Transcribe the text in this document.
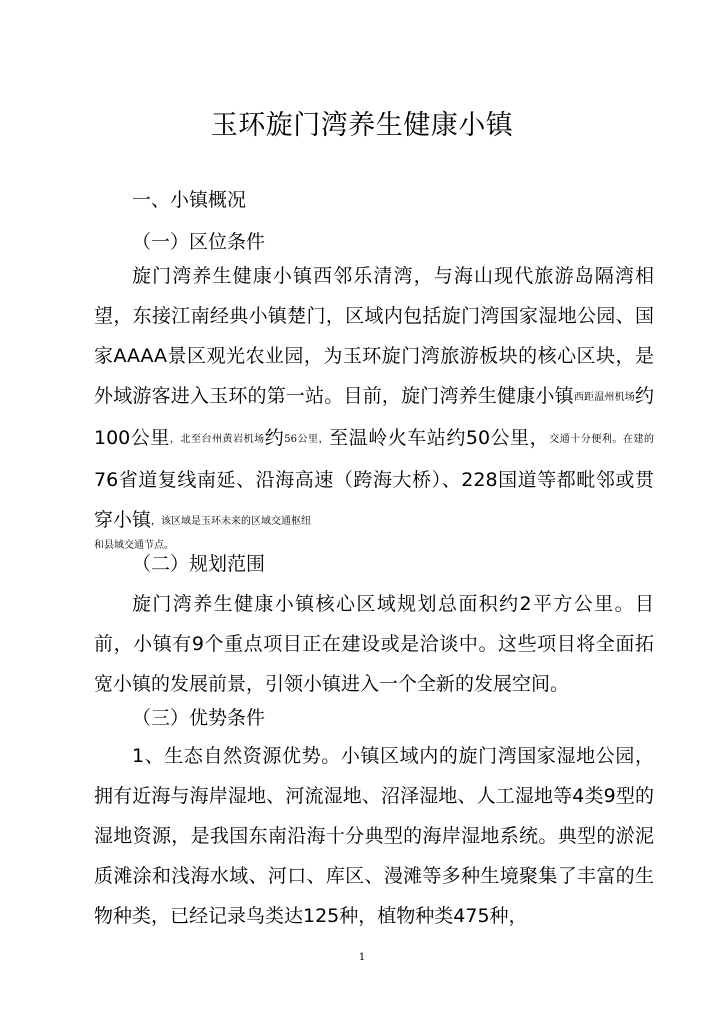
玉环旋门湾养生健康小镇
一、小镇概况
（一）区位条件
旋门湾养生健康小镇西邻乐清湾，与海山现代旅游岛隔湾相望，东接江南经典小镇楚门，区域内包括旋门湾国家湿地公园、国家AAAA景区观光农业园，为玉环旋门湾旅游板块的核心区块，是外域游客进入玉环的第一站。目前，旋门湾养生健康小镇西距温州机场约100公里，北至台州黄岩机场约56公里，至温岭火车站约50公里，交通十分便利。在建的76省道复线南延、沿海高速（跨海大桥）、228国道等都毗邻或贯穿小镇，该区域是玉环未来的区域交通枢纽
和县域交通节点。
（二）规划范围
旋门湾养生健康小镇核心区域规划总面积约2平方公里。目前，小镇有9个重点项目正在建设或是洽谈中。这些项目将全面拓宽小镇的发展前景，引领小镇进入一个全新的发展空间。
（三）优势条件
1、生态自然资源优势。小镇区域内的旋门湾国家湿地公园，拥有近海与海岸湿地、河流湿地、沼泽湿地、人工湿地等4类9型的湿地资源，是我国东南沿海十分典型的海岸湿地系统。典型的淤泥质滩涂和浅海水域、河口、库区、漫滩等多种生境聚集了丰富的生物种类，已经记录鸟类达125种，植物种类475种，
1
